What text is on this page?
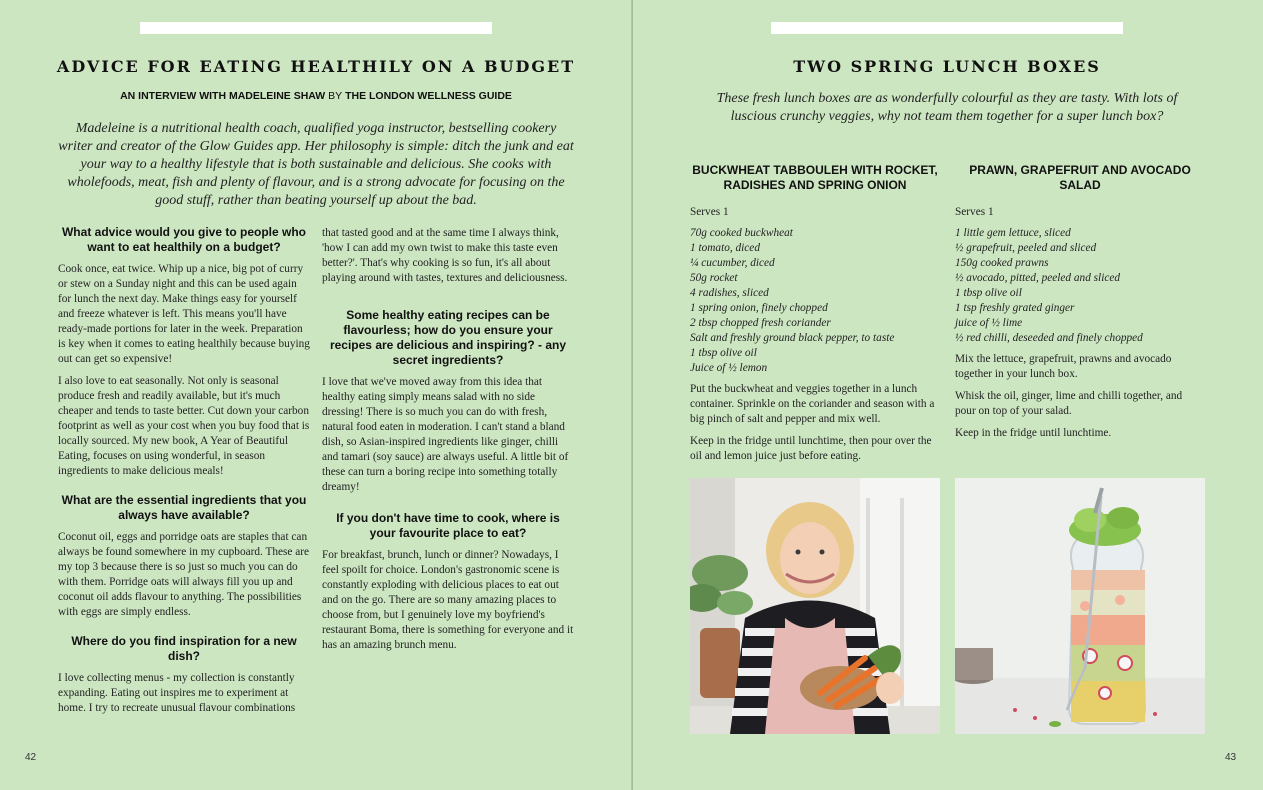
ADVICE FOR EATING HEALTHILY ON A BUDGET
AN INTERVIEW WITH MADELEINE SHAW BY THE LONDON WELLNESS GUIDE
Madeleine is a nutritional health coach, qualified yoga instructor, bestselling cookery writer and creator of the Glow Guides app. Her philosophy is simple: ditch the junk and eat your way to a healthy lifestyle that is both sustainable and delicious. She cooks with wholefoods, meat, fish and plenty of flavour, and is a strong advocate for focusing on the good stuff, rather than beating yourself up about the bad.
What advice would you give to people who want to eat healthily on a budget?

Cook once, eat twice. Whip up a nice, big pot of curry or stew on a Sunday night and this can be used again for lunch the next day. Make things easy for yourself and freeze whatever is left. This means you'll have ready-made portions for later in the week. Preparation is key when it comes to eating healthily because buying out can get so expensive!

I also love to eat seasonally. Not only is seasonal produce fresh and readily available, but it's much cheaper and tends to taste better. Cut down your carbon footprint as well as your cost when you buy food that is locally sourced. My new book, A Year of Beautiful Eating, focuses on using wonderful, in season ingredients to make delicious meals!

What are the essential ingredients that you always have available?

Coconut oil, eggs and porridge oats are staples that can always be found somewhere in my cupboard. These are my top 3 because there is so just so much you can do with them. Porridge oats will always fill you up and coconut oil adds flavour to anything. The possibilities with eggs are simply endless.

Where do you find inspiration for a new dish?

I love collecting menus - my collection is constantly expanding. Eating out inspires me to experiment at home. I try to recreate unusual flavour combinations

that tasted good and at the same time I always think, 'how I can add my own twist to make this taste even better?'. That's why cooking is so fun, it's all about playing around with tastes, textures and deliciousness.

Some healthy eating recipes can be flavourless; how do you ensure your recipes are delicious and inspiring? - any secret ingredients?

I love that we've moved away from this idea that healthy eating simply means salad with no side dressing! There is so much you can do with fresh, natural food eaten in moderation. I can't stand a bland dish, so Asian-inspired ingredients like ginger, chilli and tamari (soy sauce) are always useful. A little bit of these can turn a boring recipe into something totally dreamy!

If you don't have time to cook, where is your favourite place to eat?

For breakfast, brunch, lunch or dinner? Nowadays, I feel spoilt for choice. London's gastronomic scene is constantly exploding with delicious places to eat out and on the go. There are so many amazing places to choose from, but I genuinely love my boyfriend's restaurant Boma, there is something for everyone and it has an amazing brunch menu.

42
TWO SPRING LUNCH BOXES
These fresh lunch boxes are as wonderfully colourful as they are tasty. With lots of luscious crunchy veggies, why not team them together for a super lunch box?
BUCKWHEAT TABBOULEH WITH ROCKET, RADISHES AND SPRING ONION
Serves 1
70g cooked buckwheat
1 tomato, diced
¼ cucumber, diced
50g rocket
4 radishes, sliced
1 spring onion, finely chopped
2 tbsp chopped fresh coriander
Salt and freshly ground black pepper, to taste
1 tbsp olive oil
Juice of ½ lemon

Put the buckwheat and veggies together in a lunch container. Sprinkle on the coriander and season with a big pinch of salt and pepper and mix well.

Keep in the fridge until lunchtime, then pour over the oil and lemon juice just before eating.

PRAWN, GRAPEFRUIT AND AVOCADO SALAD
Serves 1
1 little gem lettuce, sliced
½ grapefruit, peeled and sliced
150g cooked prawns
½ avocado, pitted, peeled and sliced
1 tbsp olive oil
1 tsp freshly grated ginger
juice of ½ lime
½ red chilli, deseeded and finely chopped

Mix the lettuce, grapefruit, prawns and avocado together in your lunch box.

Whisk the oil, ginger, lime and chilli together, and pour on top of your salad.

Keep in the fridge until lunchtime.

43
